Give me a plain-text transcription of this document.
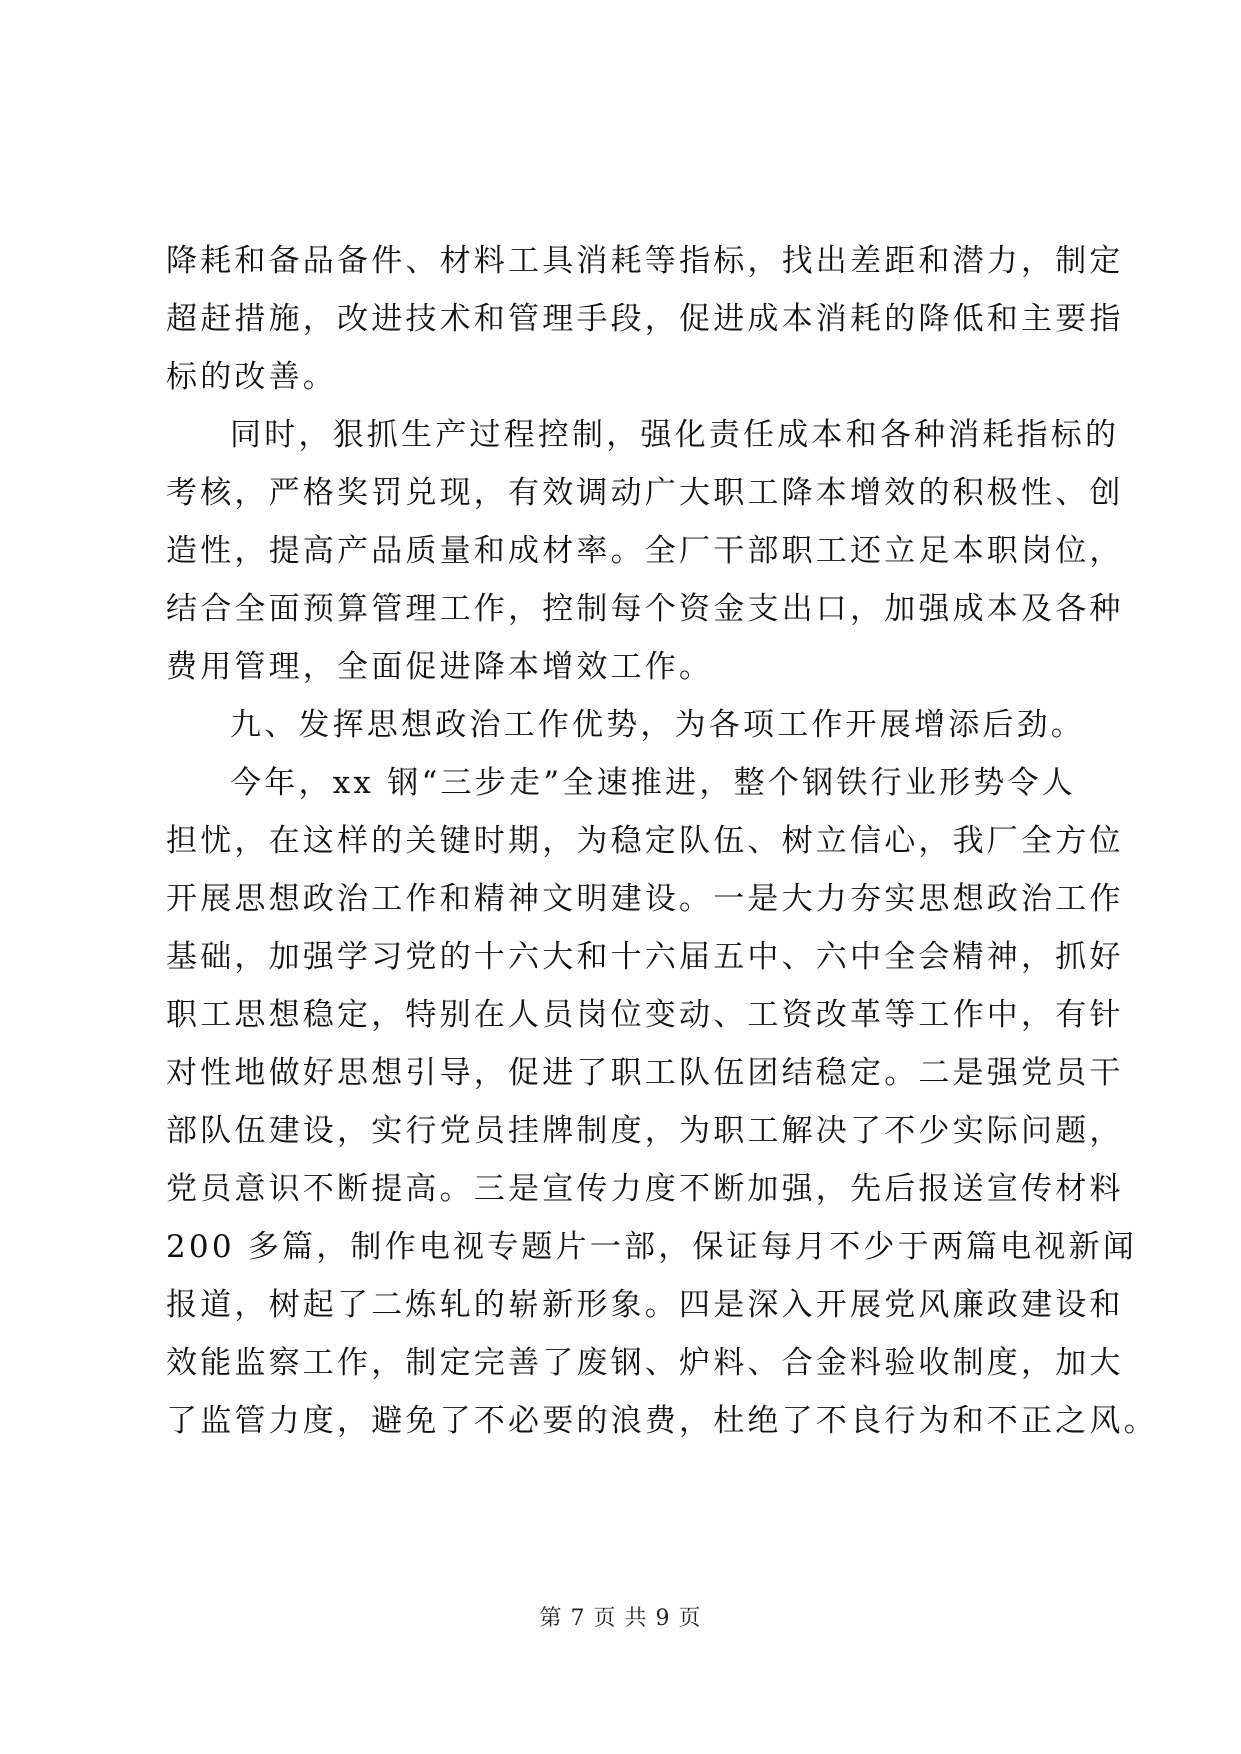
降耗和备品备件、材料工具消耗等指标，找出差距和潜力，制定
超赶措施，改进技术和管理手段，促进成本消耗的降低和主要指
标的改善。
同时，狠抓生产过程控制，强化责任成本和各种消耗指标的
考核，严格奖罚兑现，有效调动广大职工降本增效的积极性、创
造性，提高产品质量和成材率。全厂干部职工还立足本职岗位，
结合全面预算管理工作，控制每个资金支出口，加强成本及各种
费用管理，全面促进降本增效工作。
九、发挥思想政治工作优势，为各项工作开展增添后劲。
今年，xx 钢“三步走”全速推进，整个钢铁行业形势令人
担忧，在这样的关键时期，为稳定队伍、树立信心，我厂全方位
开展思想政治工作和精神文明建设。一是大力夯实思想政治工作
基础，加强学习党的十六大和十六届五中、六中全会精神，抓好
职工思想稳定，特别在人员岗位变动、工资改革等工作中，有针
对性地做好思想引导，促进了职工队伍团结稳定。二是强党员干
部队伍建设，实行党员挂牌制度，为职工解决了不少实际问题，
党员意识不断提高。三是宣传力度不断加强，先后报送宣传材料
200 多篇，制作电视专题片一部，保证每月不少于两篇电视新闻
报道，树起了二炼轧的崭新形象。四是深入开展党风廉政建设和
效能监察工作，制定完善了废钢、炉料、合金料验收制度，加大
了监管力度，避免了不必要的浪费，杜绝了不良行为和不正之风。
第 7 页 共 9 页
